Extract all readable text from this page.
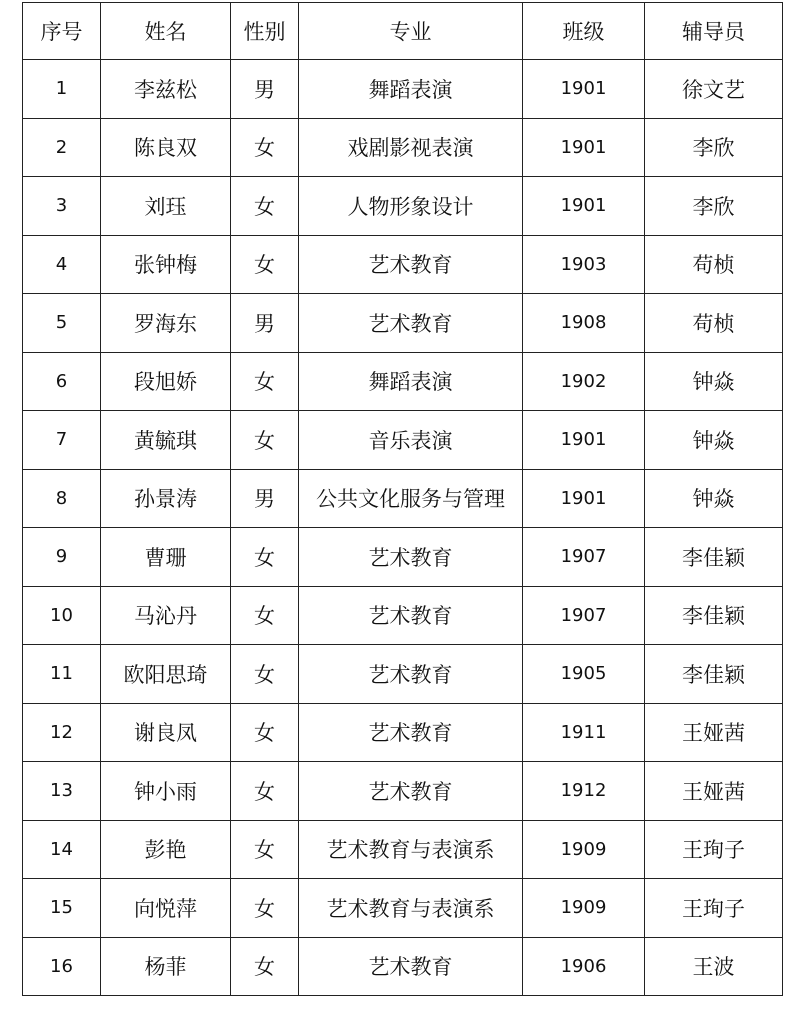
序号	姓名	性别	专业	班级	辅导员
1	李兹松	男	舞蹈表演	1901	徐文艺
2	陈良双	女	戏剧影视表演	1901	李欣
3	刘珏	女	人物形象设计	1901	李欣
4	张钟梅	女	艺术教育	1903	苟桢
5	罗海东	男	艺术教育	1908	苟桢
6	段旭娇	女	舞蹈表演	1902	钟焱
7	黄毓琪	女	音乐表演	1901	钟焱
8	孙景涛	男	公共文化服务与管理	1901	钟焱
9	曹珊	女	艺术教育	1907	李佳颖
10	马沁丹	女	艺术教育	1907	李佳颖
11	欧阳思琦	女	艺术教育	1905	李佳颖
12	谢良凤	女	艺术教育	1911	王娅茜
13	钟小雨	女	艺术教育	1912	王娅茜
14	彭艳	女	艺术教育与表演系	1909	王珣子
15	向悦萍	女	艺术教育与表演系	1909	王珣子
16	杨菲	女	艺术教育	1906	王波
